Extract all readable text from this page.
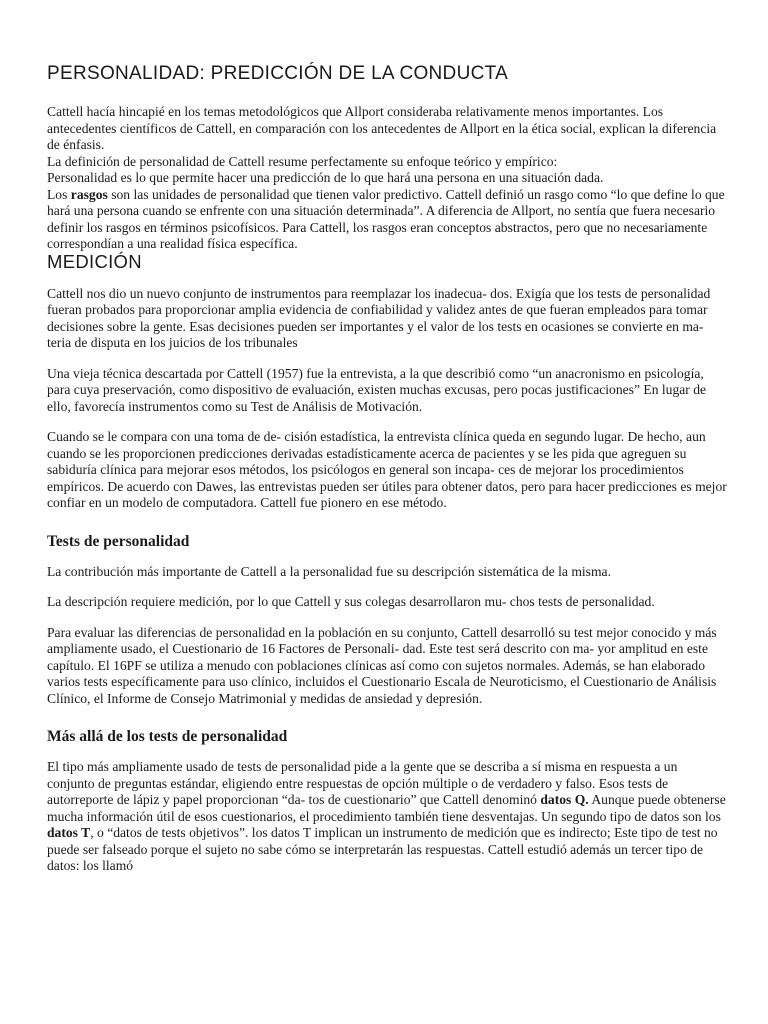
PERSONALIDAD: PREDICCIÓN DE LA CONDUCTA

Cattell hacía hincapié en los temas metodológicos que Allport consideraba relativamente menos importantes. Los antecedentes científicos de Cattell, en comparación con los antecedentes de Allport en la ética social, explican la diferencia de énfasis.

La definición de personalidad de Cattell resume perfectamente su enfoque teórico y empírico:

Personalidad es lo que permite hacer una predicción de lo que hará una persona en una situación dada.

Los rasgos son las unidades de personalidad que tienen valor predictivo. Cattell definió un rasgo como “lo que define lo que hará una persona cuando se enfrente con una situación determinada”. A diferencia de Allport, no sentía que fuera necesario definir los rasgos en términos psicofísicos. Para Cattell, los rasgos eran conceptos abstractos, pero que no necesariamente correspondían a una realidad física específica.

MEDICIÓN

Cattell nos dio un nuevo conjunto de instrumentos para reemplazar los inadecua- dos. Exigía que los tests de personalidad fueran probados para proporcionar amplia evidencia de confiabilidad y validez antes de que fueran empleados para tomar decisiones sobre la gente. Esas decisiones pueden ser importantes y el valor de los tests en ocasiones se convierte en ma- teria de disputa en los juicios de los tribunales

Una vieja técnica descartada por Cattell (1957) fue la entrevista, a la que describió como “un anacronismo en psicología, para cuya preservación, como dispositivo de evaluación, existen muchas excusas, pero pocas justificaciones” En lugar de ello, favorecía instrumentos como su Test de Análisis de Motivación.

Cuando se le compara con una toma de de- cisión estadística, la entrevista clínica queda en segundo lugar. De hecho, aun cuando se les proporcionen predicciones derivadas estadísticamente acerca de pacientes y se les pida que agreguen su sabiduría clínica para mejorar esos métodos, los psicólogos en general son incapa- ces de mejorar los procedimientos empíricos. De acuerdo con Dawes, las entrevistas pueden ser útiles para obtener datos, pero para hacer predicciones es mejor confiar en un modelo de computadora. Cattell fue pionero en ese método.

Tests de personalidad

La contribución más importante de Cattell a la personalidad fue su descripción sistemática de la misma.

La descripción requiere medición, por lo que Cattell y sus colegas desarrollaron mu- chos tests de personalidad.

Para evaluar las diferencias de personalidad en la población en su conjunto, Cattell desarrolló su test mejor conocido y más ampliamente usado, el Cuestionario de 16 Factores de Personali- dad. Este test será descrito con ma- yor amplitud en este capítulo. El 16PF se utiliza a menudo con poblaciones clínicas así como con sujetos normales. Además, se han elaborado varios tests específicamente para uso clínico, incluidos el Cuestionario Escala de Neuroticismo, el Cuestionario de Análisis Clínico, el Informe de Consejo Matrimonial y medidas de ansiedad y depresión.

Más allá de los tests de personalidad

El tipo más ampliamente usado de tests de personalidad pide a la gente que se describa a sí misma en respuesta a un conjunto de preguntas estándar, eligiendo entre respuestas de opción múltiple o de verdadero y falso. Esos tests de autorreporte de lápiz y papel proporcionan “da- tos de cuestionario” que Cattell denominó datos Q. Aunque puede obtenerse mucha información útil de esos cuestionarios, el procedimiento también tiene desventajas. Un segundo tipo de datos son los datos T, o “datos de tests objetivos”. los datos T implican un instrumento de medición que es indirecto; Este tipo de test no puede ser falseado porque el sujeto no sabe cómo se interpretarán las respuestas. Cattell estudió además un tercer tipo de datos: los llamó
